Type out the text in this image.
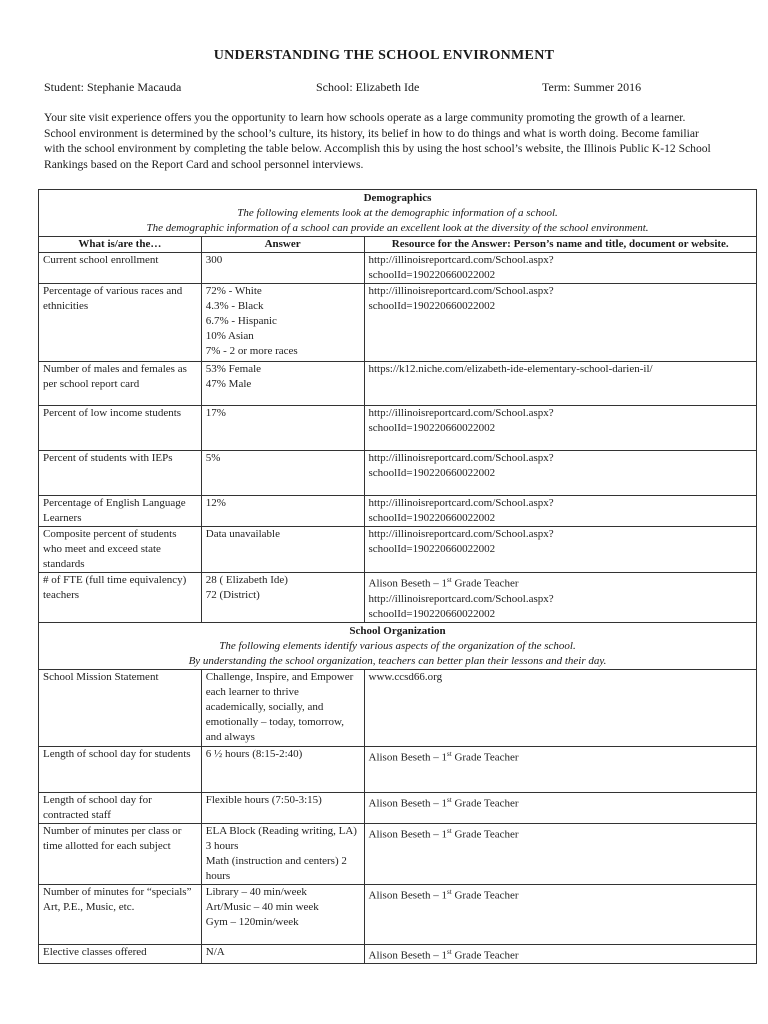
UNDERSTANDING THE SCHOOL ENVIRONMENT
Student: Stephanie Macauda	School: Elizabeth Ide	Term: Summer 2016
Your site visit experience offers you the opportunity to learn how schools operate as a large community promoting the growth of a learner. School environment is determined by the school’s culture, its history, its belief in how to do things and what is worth doing. Become familiar with the school environment by completing the table below. Accomplish this by using the host school’s website, the Illinois Public K-12 School Rankings based on the Report Card and school personnel interviews.
Demographics
The following elements look at the demographic information of a school.
The demographic information of a school can provide an excellent look at the diversity of the school environment.		

What is/are the…	Answer	Resource for the Answer: Person’s name and title, document or website.
Current school enrollment	300	http://illinoisreportcard.com/School.aspx?
schoolId=190220660022002

Percentage of various races and ethnicities	72% - White
4.3% - Black
6.7% - Hispanic
10% Asian
7% - 2 or more races	http://illinoisreportcard.com/School.aspx?
schoolId=190220660022002

Number of males and females as per school report card	53% Female
47% Male	https://k12.niche.com/elizabeth-ide-elementary-school-darien-il/

Percent of low income students	17%	http://illinoisreportcard.com/School.aspx?
schoolId=190220660022002

Percent of students with IEPs	5%	http://illinoisreportcard.com/School.aspx?
schoolId=190220660022002

Percentage of English Language Learners	12%	http://illinoisreportcard.com/School.aspx?
schoolId=190220660022002

Composite percent of students who meet and exceed state standards	Data unavailable	http://illinoisreportcard.com/School.aspx?
schoolId=190220660022002

# of FTE (full time equivalency) teachers	28 ( Elizabeth Ide)
72 (District)	Alison Beseth – 1st Grade Teacher
http://illinoisreportcard.com/School.aspx?
schoolId=190220660022002

School Organization
The following elements identify various aspects of the organization of the school.
By understanding the school organization, teachers can better plan their lessons and their day.		

School Mission Statement	Challenge, Inspire, and Empower each learner to thrive academically, socially, and emotionally – today, tomorrow, and always	www.ccsd66.org

Length of school day for students	6 ½ hours (8:15-2:40)	Alison Beseth – 1st Grade Teacher

Length of school day for contracted staff	Flexible hours (7:50-3:15)	Alison Beseth – 1st Grade Teacher

Number of minutes per class or time allotted for each subject	ELA Block (Reading writing, LA) 3 hours
Math (instruction and centers) 2 hours	Alison Beseth – 1st Grade Teacher

Number of minutes for “specials” Art, P.E., Music, etc.	Library – 40 min/week
Art/Music – 40 min week
Gym – 120min/week	Alison Beseth – 1st Grade Teacher

Elective classes offered	N/A	Alison Beseth – 1st Grade Teacher
